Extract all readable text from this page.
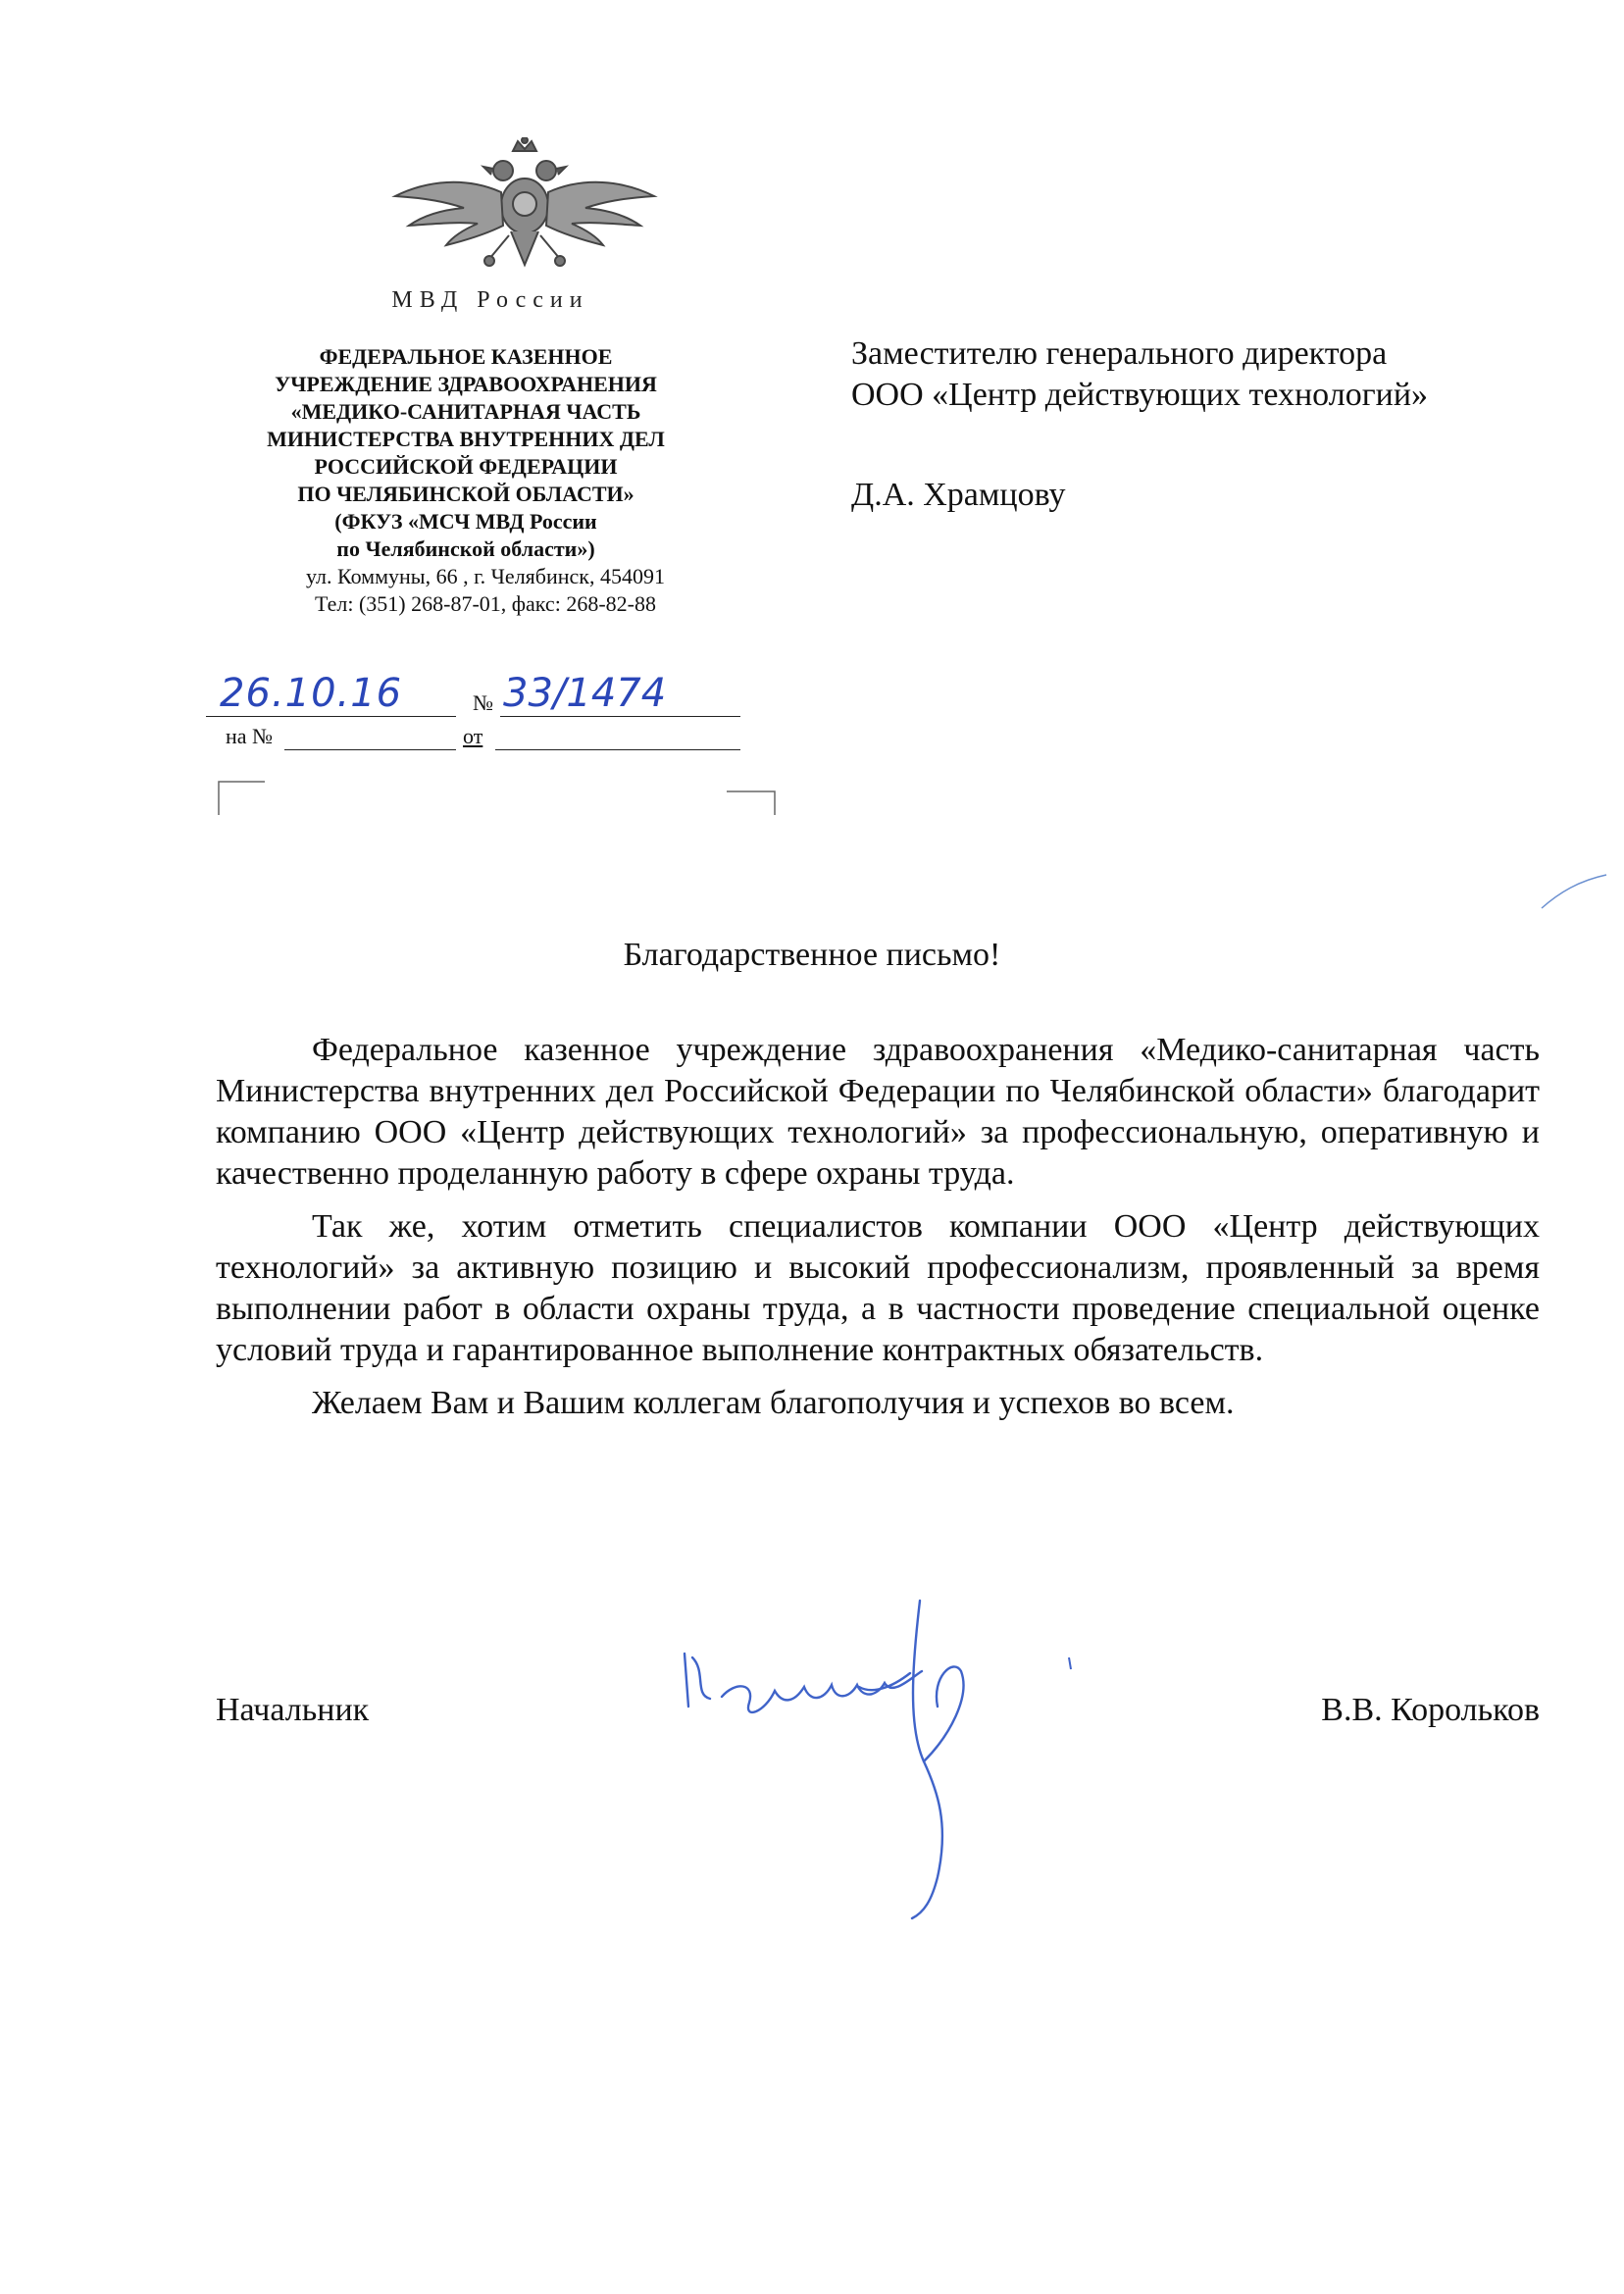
МВД России
ФЕДЕРАЛЬНОЕ КАЗЕННОЕ
УЧРЕЖДЕНИЕ ЗДРАВООХРАНЕНИЯ
«МЕДИКО-САНИТАРНАЯ ЧАСТЬ
МИНИСТЕРСТВА ВНУТРЕННИХ ДЕЛ
РОССИЙСКОЙ ФЕДЕРАЦИИ
ПО ЧЕЛЯБИНСКОЙ ОБЛАСТИ»
(ФКУЗ «МСЧ МВД России
по Челябинской области»)
ул. Коммуны, 66 , г. Челябинск, 454091
Тел: (351) 268-87-01, факс: 268-82-88
26.10.16	№ 33/1474
на №	от
Заместителю генерального директора
ООО «Центр действующих технологий»
Д.А. Храмцову
Благодарственное письмо!

Федеральное казенное учреждение здравоохранения «Медико-санитарная часть Министерства внутренних дел Российской Федерации по Челябинской области» благодарит компанию ООО «Центр действующих технологий» за профессиональную, оперативную и качественно проделанную работу в сфере охраны труда.

Так же, хотим отметить специалистов компании ООО «Центр действующих технологий» за активную позицию и высокий профессионализм, проявленный за время выполнении работ в области охраны труда, а в частности проведение специальной оценке условий труда и гарантированное выполнение контрактных обязательств.

Желаем Вам и Вашим коллегам благополучия и успехов во всем.

Начальник	В.В. Корольков
